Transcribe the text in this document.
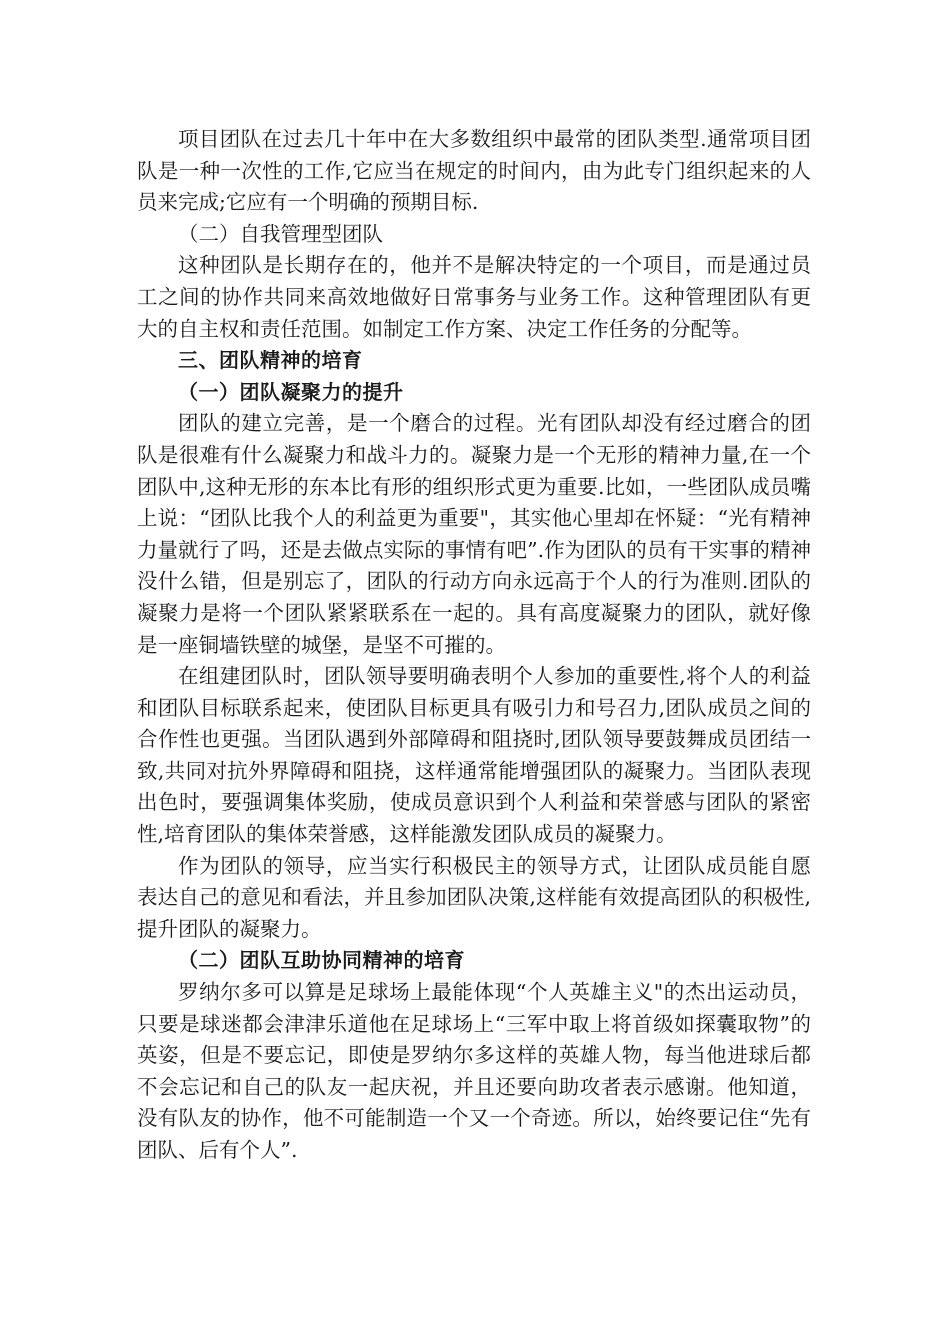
项目团队在过去几十年中在大多数组织中最常的团队类型.通常项目团队是一种一次性的工作,它应当在规定的时间内，由为此专门组织起来的人员来完成;它应有一个明确的预期目标.

（二）自我管理型团队

这种团队是长期存在的，他并不是解决特定的一个项目，而是通过员工之间的协作共同来高效地做好日常事务与业务工作。这种管理团队有更大的自主权和责任范围。如制定工作方案、决定工作任务的分配等。

三、团队精神的培育

（一）团队凝聚力的提升

团队的建立完善，是一个磨合的过程。光有团队却没有经过磨合的团队是很难有什么凝聚力和战斗力的。凝聚力是一个无形的精神力量,在一个团队中,这种无形的东本比有形的组织形式更为重要.比如，一些团队成员嘴上说：“团队比我个人的利益更为重要"，其实他心里却在怀疑：“光有精神力量就行了吗，还是去做点实际的事情有吧”.作为团队的员有干实事的精神没什么错，但是别忘了，团队的行动方向永远高于个人的行为准则.团队的凝聚力是将一个团队紧紧联系在一起的。具有高度凝聚力的团队，就好像是一座铜墙铁壁的城堡，是坚不可摧的。

在组建团队时，团队领导要明确表明个人参加的重要性,将个人的利益和团队目标联系起来，使团队目标更具有吸引力和号召力,团队成员之间的合作性也更强。当团队遇到外部障碍和阻挠时,团队领导要鼓舞成员团结一致,共同对抗外界障碍和阻挠，这样通常能增强团队的凝聚力。当团队表现出色时，要强调集体奖励，使成员意识到个人利益和荣誉感与团队的紧密性,培育团队的集体荣誉感，这样能激发团队成员的凝聚力。

作为团队的领导，应当实行积极民主的领导方式，让团队成员能自愿表达自己的意见和看法，并且参加团队决策,这样能有效提高团队的积极性,提升团队的凝聚力。

（二）团队互助协同精神的培育

罗纳尔多可以算是足球场上最能体现“个人英雄主义"的杰出运动员，只要是球迷都会津津乐道他在足球场上“三军中取上将首级如探囊取物”的英姿，但是不要忘记，即使是罗纳尔多这样的英雄人物，每当他进球后都不会忘记和自己的队友一起庆祝，并且还要向助攻者表示感谢。他知道，没有队友的协作，他不可能制造一个又一个奇迹。所以，始终要记住“先有团队、后有个人”.
